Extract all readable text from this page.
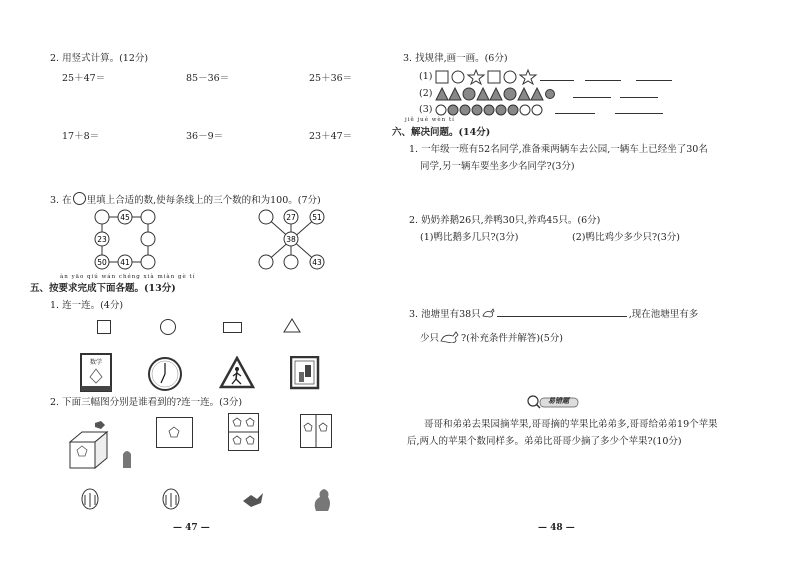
2. 用竖式计算。(12分)
25＋47＝	85－36＝	25＋36＝
17＋8＝	36－9＝	23＋47＝
3. 在 里填上合适的数,使每条线上的三个数的和为100。(7分)
45
23
50 41
27 51
38
43
àn yāo qiú wán chéng xià miàn gè tí
五、按要求完成下面各题。(13分)
1. 连一连。(4分)
数学
2. 下面三幅图分别是谁看到的?连一连。(3分)
— 47 —
3. 找规律,画一画。(6分)
(1)
(2)
(3)
jiě jué wèn tí
六、解决问题。(14分)
1. 一年级一班有52名同学,准备乘两辆车去公园,一辆车上已经坐了30名
同学,另一辆车要坐多少名同学?(3分)
2. 奶奶养鹅26只,养鸭30只,养鸡45只。(6分)
(1)鸭比鹅多几只?(3分)	(2)鸭比鸡少多少只?(3分)
3. 池塘里有38只	,现在池塘里有多
少只 ?(补充条件并解答)(5分)
易错题
哥哥和弟弟去果园摘苹果,哥哥摘的苹果比弟弟多,哥哥给弟弟19个苹果
后,两人的苹果个数同样多。弟弟比哥哥少摘了多少个苹果?(10分)
— 48 —
